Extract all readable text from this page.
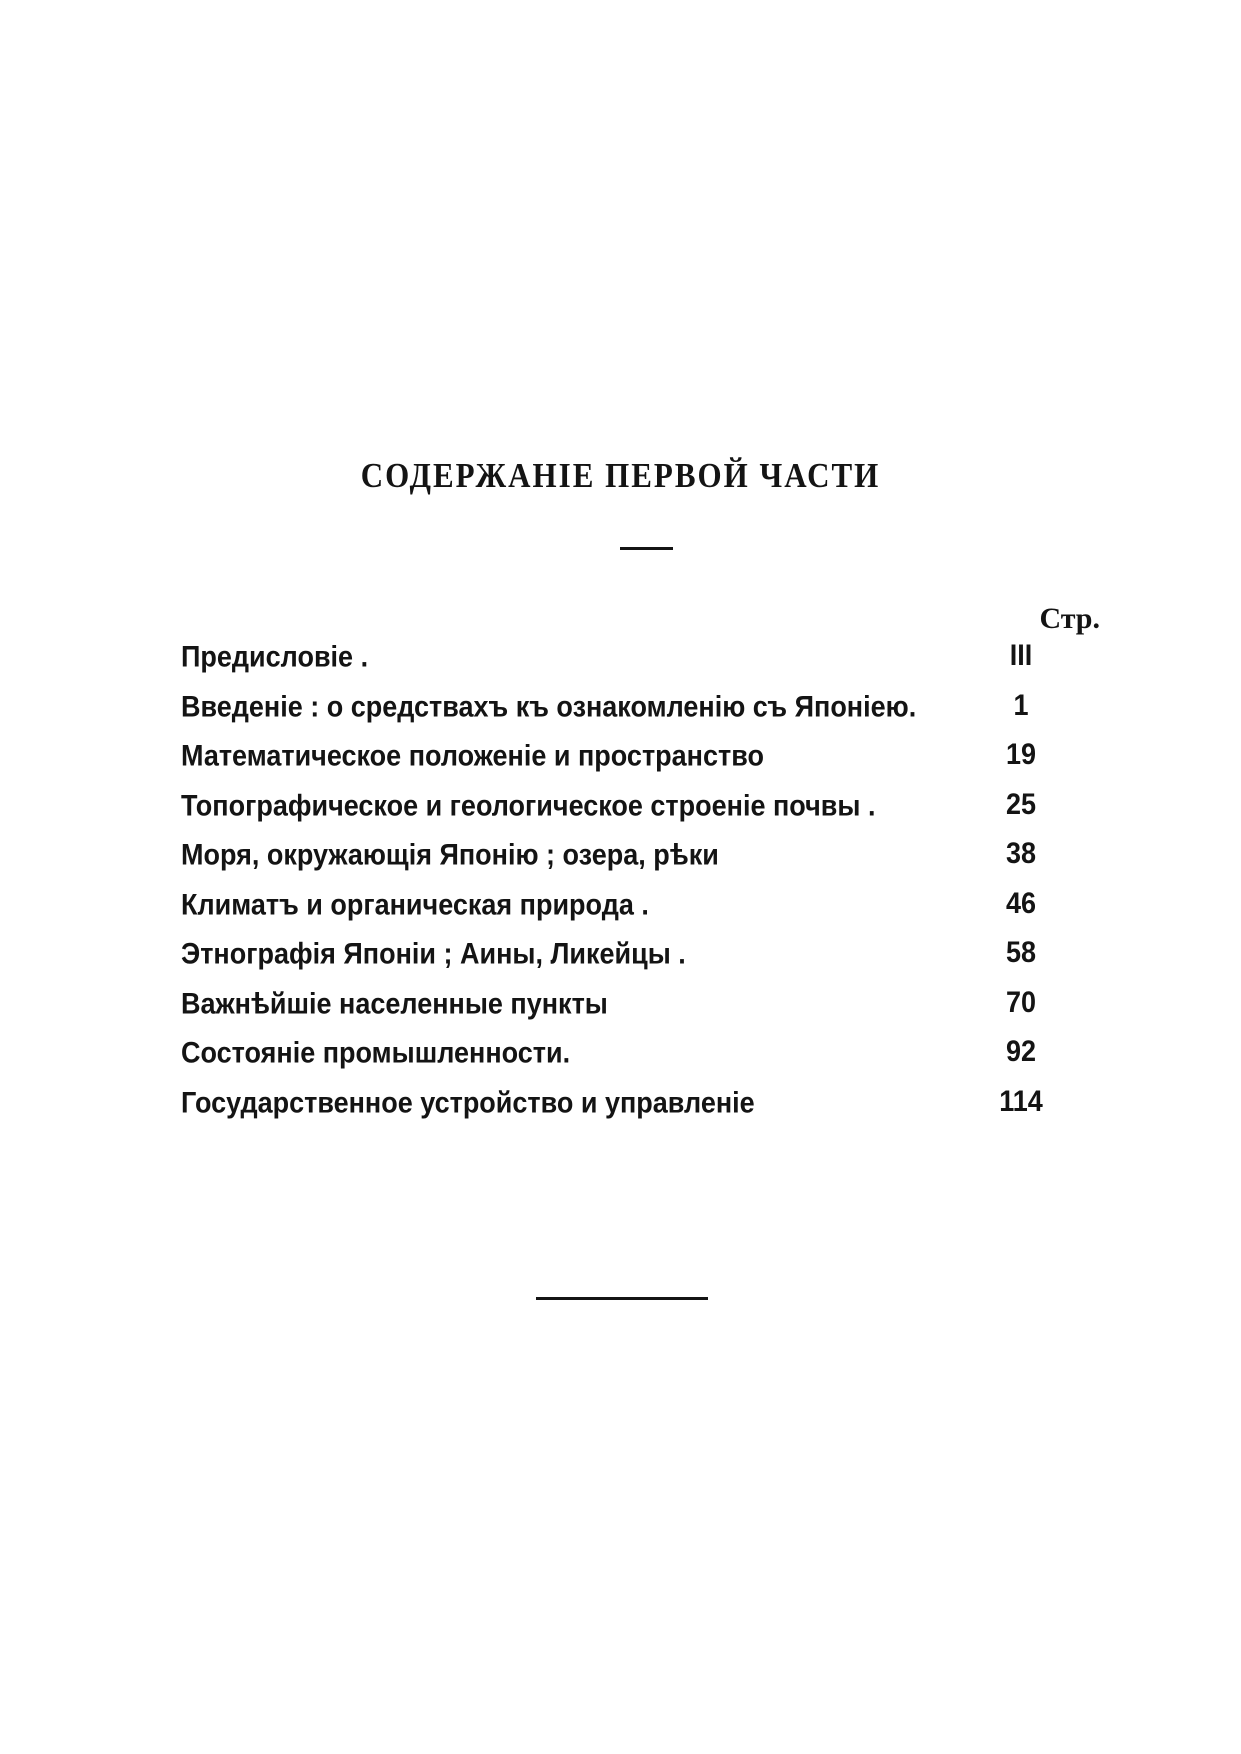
СОДЕРЖАНIЕ ПЕРВОЙ ЧАСТИ
Стр.
Предисловiе .	III
Введенiе : о средствахъ къ ознакомленiю съ Японiею.	1
Математическое положенiе и пространство	19
Топографическое и геологическое строенiе почвы .	25
Моря, окружающiя Японiю ; озера, рѣки	38
Климатъ и органическая природа .	46
Этнографiя Японiи ; Аины, Ликейцы .	58
Важнѣйшiе населенные пункты	70
Состоянiе промышленности.	92
Государственное устройство и управленiе	114
